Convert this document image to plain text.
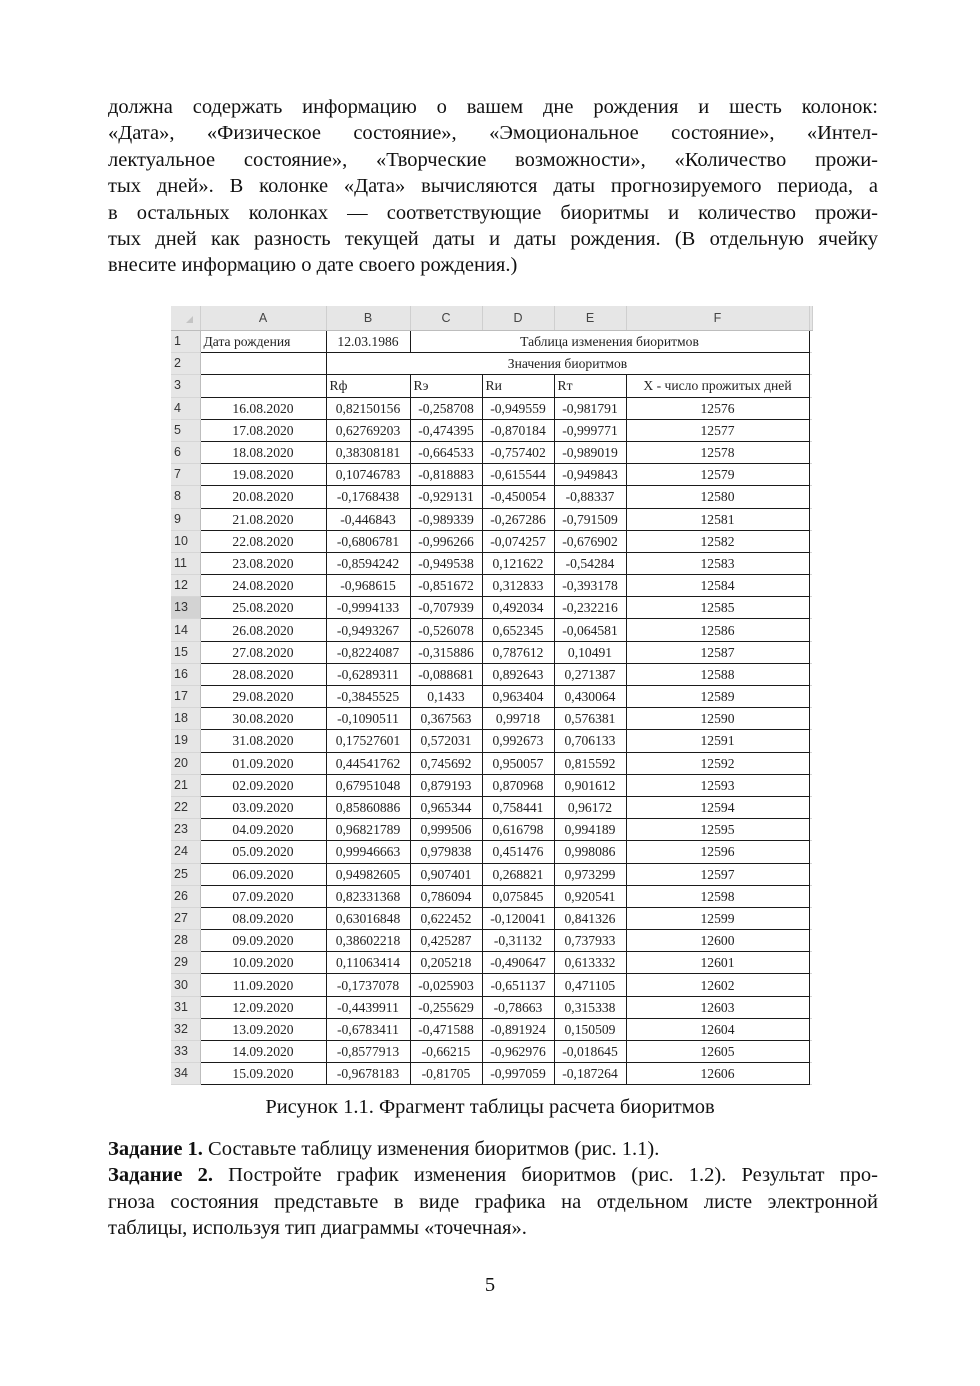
должна содержать информацию о вашем дне рождения и шесть колонок:
«Дата», «Физическое состояние», «Эмоциональное состояние», «Интел-
лектуальное состояние», «Творческие возможности», «Количество прожи-
тых дней». В колонке «Дата» вычисляются даты прогнозируемого периода, а
в остальных колонках — соответствующие биоритмы и количество прожи-
тых дней как разность текущей даты и даты рождения. (В отдельную ячейку
внесите информацию о дате своего рождения.)
	A	B	C	D	E	F	
1	Дата рождения	12.03.1986	Таблица изменения биоритмов				
2		Значения биоритмов					
3		Rф	Rэ	Rи	Rт	X - число прожитых дней	
4	16.08.2020	0,82150156	-0,258708	-0,949559	-0,981791	12576	
5	17.08.2020	0,62769203	-0,474395	-0,870184	-0,999771	12577	
6	18.08.2020	0,38308181	-0,664533	-0,757402	-0,989019	12578	
7	19.08.2020	0,10746783	-0,818883	-0,615544	-0,949843	12579	
8	20.08.2020	-0,1768438	-0,929131	-0,450054	-0,88337	12580	
9	21.08.2020	-0,446843	-0,989339	-0,267286	-0,791509	12581	
10	22.08.2020	-0,6806781	-0,996266	-0,074257	-0,676902	12582	
11	23.08.2020	-0,8594242	-0,949538	0,121622	-0,54284	12583	
12	24.08.2020	-0,968615	-0,851672	0,312833	-0,393178	12584	
13	25.08.2020	-0,9994133	-0,707939	0,492034	-0,232216	12585	
14	26.08.2020	-0,9493267	-0,526078	0,652345	-0,064581	12586	
15	27.08.2020	-0,8224087	-0,315886	0,787612	0,10491	12587	
16	28.08.2020	-0,6289311	-0,088681	0,892643	0,271387	12588	
17	29.08.2020	-0,3845525	0,1433	0,963404	0,430064	12589	
18	30.08.2020	-0,1090511	0,367563	0,99718	0,576381	12590	
19	31.08.2020	0,17527601	0,572031	0,992673	0,706133	12591	
20	01.09.2020	0,44541762	0,745692	0,950057	0,815592	12592	
21	02.09.2020	0,67951048	0,879193	0,870968	0,901612	12593	
22	03.09.2020	0,85860886	0,965344	0,758441	0,96172	12594	
23	04.09.2020	0,96821789	0,999506	0,616798	0,994189	12595	
24	05.09.2020	0,99946663	0,979838	0,451476	0,998086	12596	
25	06.09.2020	0,94982605	0,907401	0,268821	0,973299	12597	
26	07.09.2020	0,82331368	0,786094	0,075845	0,920541	12598	
27	08.09.2020	0,63016848	0,622452	-0,120041	0,841326	12599	
28	09.09.2020	0,38602218	0,425287	-0,31132	0,737933	12600	
29	10.09.2020	0,11063414	0,205218	-0,490647	0,613332	12601	
30	11.09.2020	-0,1737078	-0,025903	-0,651137	0,471105	12602	
31	12.09.2020	-0,4439911	-0,255629	-0,78663	0,315338	12603	
32	13.09.2020	-0,6783411	-0,471588	-0,891924	0,150509	12604	
33	14.09.2020	-0,8577913	-0,66215	-0,962976	-0,018645	12605	
34	15.09.2020	-0,9678183	-0,81705	-0,997059	-0,187264	12606	
Рисунок 1.1. Фрагмент таблицы расчета биоритмов
Задание 1. Составьте таблицу изменения биоритмов (рис. 1.1).
Задание 2. Постройте график изменения биоритмов (рис. 1.2). Результат про-
гноза состояния представьте в виде графика на отдельном листе электронной
таблицы, используя тип диаграммы «точечная».
5
